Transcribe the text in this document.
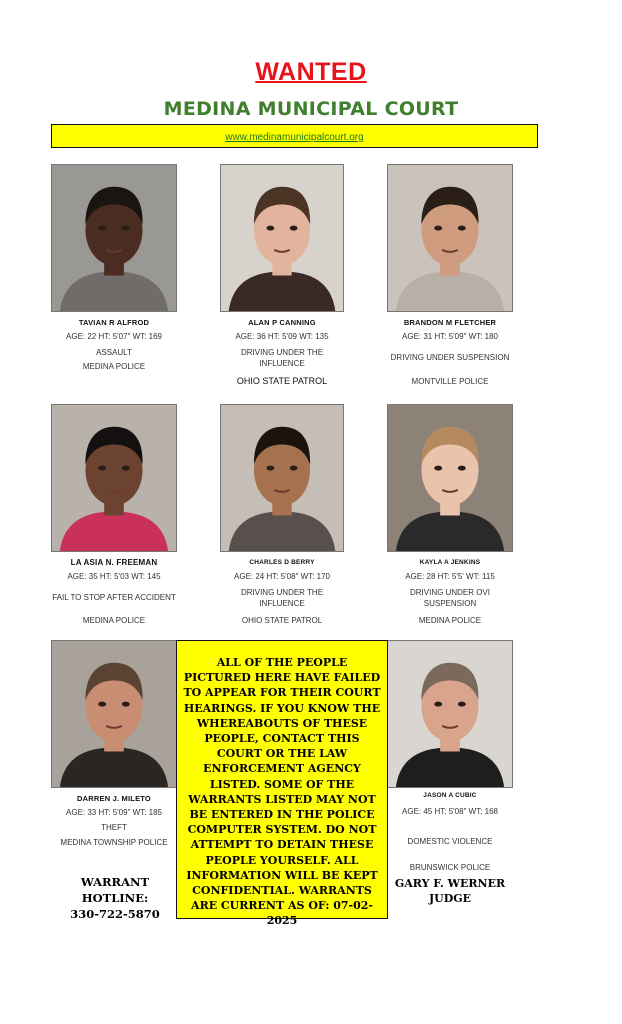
WANTED
MEDINA MUNICIPAL COURT
www.medinamunicipalcourt.org
TAVIAN R ALFROD
AGE: 22 HT: 5'07" WT: 169
ASSAULT
MEDINA POLICE
ALAN P CANNING
AGE: 36 HT: 5'09 WT: 135
DRIVING UNDER THE INFLUENCE
OHIO STATE PATROL
BRANDON M FLETCHER
AGE: 31 HT: 5'09" WT: 180
DRIVING UNDER SUSPENSION
MONTVILLE POLICE
LA ASIA N. FREEMAN
AGE: 35 HT: 5'03 WT: 145
FAIL TO STOP AFTER ACCIDENT
MEDINA POLICE
CHARLES D BERRY
AGE: 24 HT: 5'08" WT: 170
DRIVING UNDER THE INFLUENCE
OHIO STATE PATROL
KAYLA A JENKINS
AGE: 28 HT: 5'5' WT: 115
DRIVING UNDER OVI SUSPENSION
MEDINA POLICE
DARREN J. MILETO
AGE: 33 HT: 5'09" WT: 185
THEFT
MEDINA TOWNSHIP POLICE
JASON A CUBIC
AGE: 45 HT: 5'08" WT: 168
DOMESTIC VIOLENCE
BRUNSWICK POLICE
ALL OF THE PEOPLE PICTURED HERE HAVE FAILED TO APPEAR FOR THEIR COURT HEARINGS. IF YOU KNOW THE WHEREABOUTS OF THESE PEOPLE, CONTACT THIS COURT OR THE LAW ENFORCEMENT AGENCY LISTED. SOME OF THE WARRANTS LISTED MAY NOT BE ENTERED IN THE POLICE COMPUTER SYSTEM. DO NOT ATTEMPT TO DETAIN THESE PEOPLE YOURSELF. ALL INFORMATION WILL BE KEPT CONFIDENTIAL. WARRANTS ARE CURRENT AS OF: 07-02-2025
WARRANT
HOTLINE:
330-722-5870
GARY F. WERNER
JUDGE
